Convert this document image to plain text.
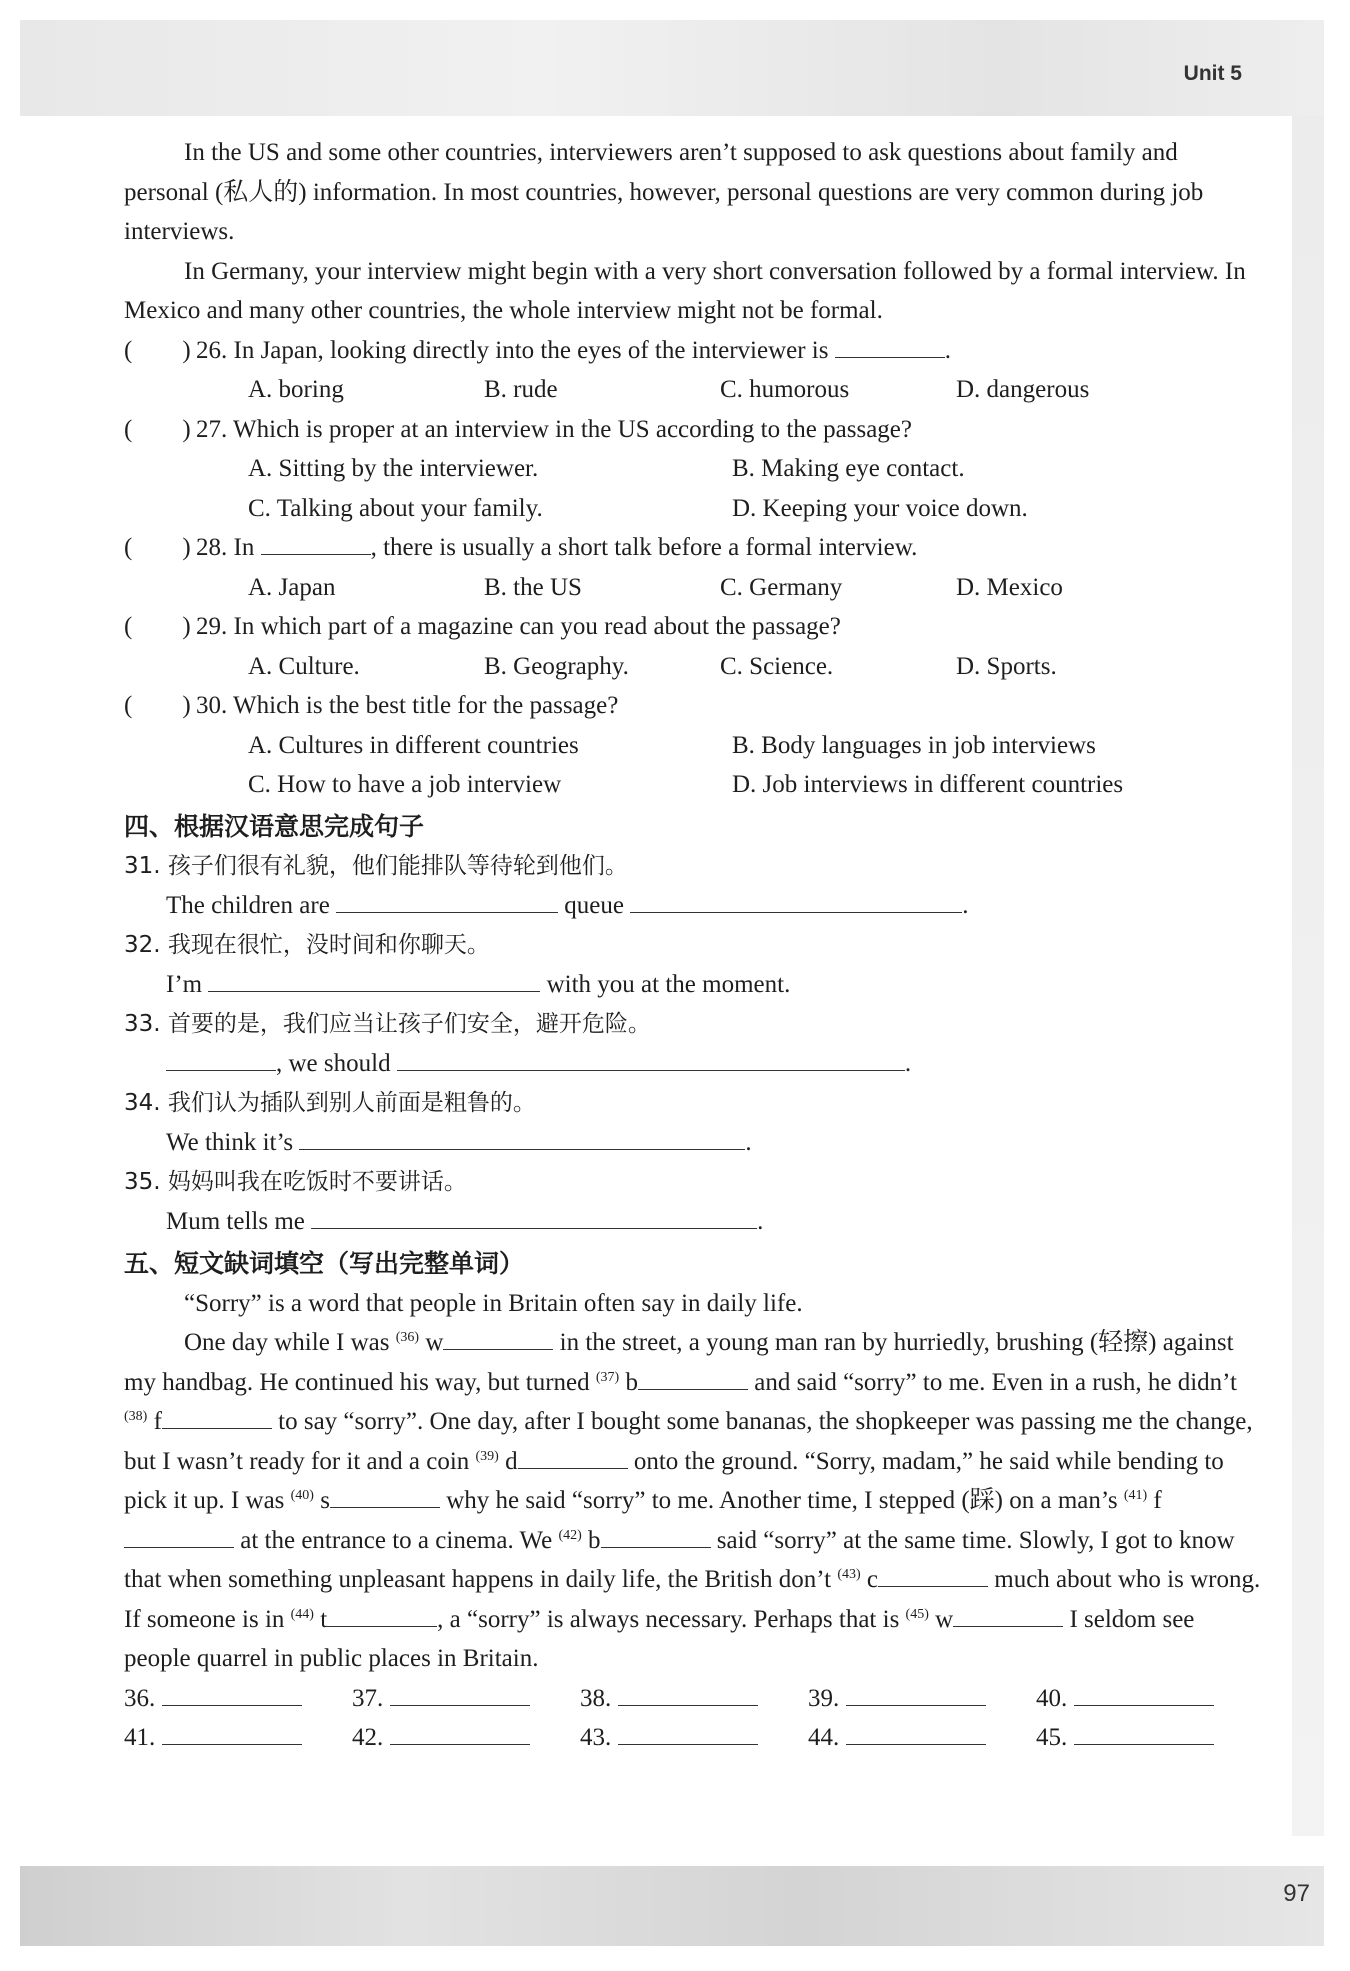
Unit 5
97

In the US and some other countries, interviewers aren’t supposed to ask questions about family and personal (私人的) information. In most countries, however, personal questions are very common during job interviews.

In Germany, your interview might begin with a very short conversation followed by a formal interview. In Mexico and many other countries, the whole interview might not be formal.

(　　) 26. In Japan, looking directly into the eyes of the interviewer is	.

A. boring	B. rude	C. humorous	D. dangerous

(　　) 27. Which is proper at an interview in the US according to the passage?

A. Sitting by the interviewer.	B. Making eye contact.
C. Talking about your family.	D. Keeping your voice down.

(　　) 28. In	, there is usually a short talk before a formal interview.

A. Japan	B. the US	C. Germany	D. Mexico

(　　) 29. In which part of a magazine can you read about the passage?

A. Culture.	B. Geography.	C. Science.	D. Sports.

(　　) 30. Which is the best title for the passage?

A. Cultures in different countries	B. Body languages in job interviews
C. How to have a job interview	D. Job interviews in different countries

四、根据汉语意思完成句子

31. 孩子们很有礼貌，他们能排队等待轮到他们。

The children are	queue	.

32. 我现在很忙，没时间和你聊天。

I’m	with you at the moment.

33. 首要的是，我们应当让孩子们安全，避开危险。

, we should	.

34. 我们认为插队到别人前面是粗鲁的。

We think it’s	.

35. 妈妈叫我在吃饭时不要讲话。

Mum tells me	.

五、短文缺词填空（写出完整单词）

“Sorry” is a word that people in Britain often say in daily life.

One day while I was $^{(36)}$ w	in the street, a young man ran by hurriedly, brushing (轻擦) against my handbag. He continued his way, but turned $^{(37)}$ b	and said “sorry” to me. Even in a rush, he didn’t $^{(38)}$ f	to say “sorry”. One day, after I bought some bananas, the shopkeeper was passing me the change, but I wasn’t ready for it and a coin $^{(39)}$ d	onto the ground. “Sorry, madam,” he said while bending to pick it up. I was $^{(40)}$ s	why he said “sorry” to me. Another time, I stepped (踩) on a man’s $^{(41)}$ f at the entrance to a cinema. We $^{(42)}$ b	said “sorry” at the same time. Slowly, I got to know that when something unpleasant happens in daily life, the British don’t $^{(43)}$ c	much about who is wrong. If someone is in $^{(44)}$ t	, a “sorry” is always necessary. Perhaps that is $^{(45)}$ w	I seldom see people quarrel in public places in Britain.

36.	37.	38.	39.	40.
41.	42.	43.	44.	45.
